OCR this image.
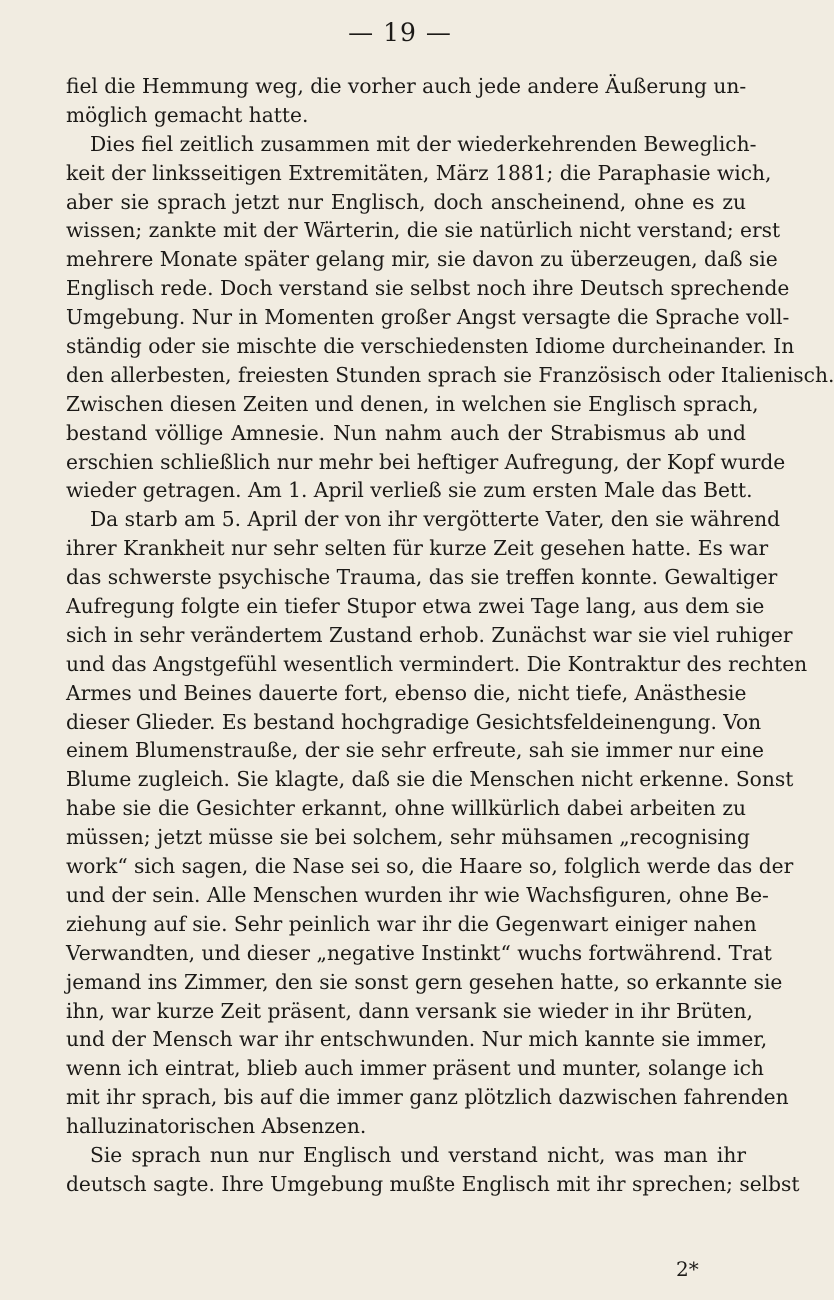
— 19 —
fiel die Hemmung weg, die vorher auch jede andere Äußerung un-
möglich gemacht hatte.
Dies fiel zeitlich zusammen mit der wiederkehrenden Beweglich-
keit der linksseitigen Extremitäten, März 1881; die Paraphasie wich,
aber sie sprach jetzt nur Englisch, doch anscheinend, ohne es zu
wissen; zankte mit der Wärterin, die sie natürlich nicht verstand; erst
mehrere Monate später gelang mir, sie davon zu überzeugen, daß sie
Englisch rede. Doch verstand sie selbst noch ihre Deutsch sprechende
Umgebung. Nur in Momenten großer Angst versagte die Sprache voll-
ständig oder sie mischte die verschiedensten Idiome durcheinander. In
den allerbesten, freiesten Stunden sprach sie Französisch oder Italienisch.
Zwischen diesen Zeiten und denen, in welchen sie Englisch sprach,
bestand völlige Amnesie. Nun nahm auch der Strabismus ab und
erschien schließlich nur mehr bei heftiger Aufregung, der Kopf wurde
wieder getragen. Am 1. April verließ sie zum ersten Male das Bett.
Da starb am 5. April der von ihr vergötterte Vater, den sie während
ihrer Krankheit nur sehr selten für kurze Zeit gesehen hatte. Es war
das schwerste psychische Trauma, das sie treffen konnte. Gewaltiger
Aufregung folgte ein tiefer Stupor etwa zwei Tage lang, aus dem sie
sich in sehr verändertem Zustand erhob. Zunächst war sie viel ruhiger
und das Angstgefühl wesentlich vermindert. Die Kontraktur des rechten
Armes und Beines dauerte fort, ebenso die, nicht tiefe, Anästhesie
dieser Glieder. Es bestand hochgradige Gesichtsfeldeinengung. Von
einem Blumenstrauße, der sie sehr erfreute, sah sie immer nur eine
Blume zugleich. Sie klagte, daß sie die Menschen nicht erkenne. Sonst
habe sie die Gesichter erkannt, ohne willkürlich dabei arbeiten zu
müssen; jetzt müsse sie bei solchem, sehr mühsamen „recognising
work“ sich sagen, die Nase sei so, die Haare so, folglich werde das der
und der sein. Alle Menschen wurden ihr wie Wachsfiguren, ohne Be-
ziehung auf sie. Sehr peinlich war ihr die Gegenwart einiger nahen
Verwandten, und dieser „negative Instinkt“ wuchs fortwährend. Trat
jemand ins Zimmer, den sie sonst gern gesehen hatte, so erkannte sie
ihn, war kurze Zeit präsent, dann versank sie wieder in ihr Brüten,
und der Mensch war ihr entschwunden. Nur mich kannte sie immer,
wenn ich eintrat, blieb auch immer präsent und munter, solange ich
mit ihr sprach, bis auf die immer ganz plötzlich dazwischen fahrenden
halluzinatorischen Absenzen.
Sie sprach nun nur Englisch und verstand nicht, was man ihr
deutsch sagte. Ihre Umgebung mußte Englisch mit ihr sprechen; selbst
2*
